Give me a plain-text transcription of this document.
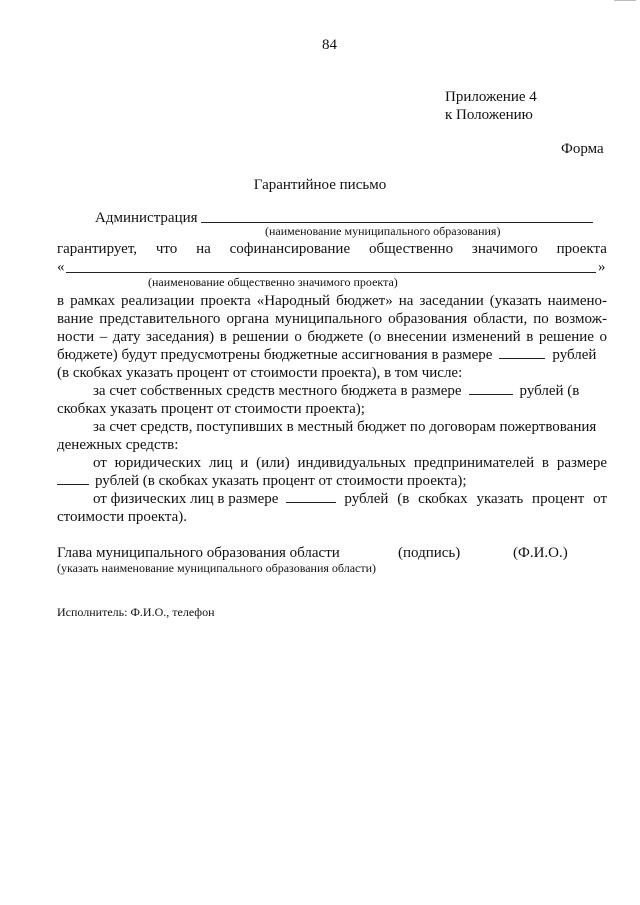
84
Приложение 4
к Положению
Форма
Гарантийное письмо
Администрация
(наименование муниципального образования)
гарантирует, что на софинансирование общественно значимого проекта
«	»
(наименование общественно значимого проекта)
в рамках реализации проекта «Народный бюджет» на заседании (указать наимено-
вание представительного органа муниципального образования области, по возмож-
ности – дату заседания) в решении о бюджете (о внесении изменений в решение о
бюджете) будут предусмотрены бюджетные ассигнования в размере	рублей
(в скобках указать процент от стоимости проекта), в том числе:
за счет собственных средств местного бюджета в размере	рублей (в
скобках указать процент от стоимости проекта);
за счет средств, поступивших в местный бюджет по договорам пожертвования
денежных средств:
от юридических лиц и (или) индивидуальных предпринимателей в размере
рублей (в скобках указать процент от стоимости проекта);
от физических лиц в размере	рублей (в скобках указать процент от
стоимости проекта).
Глава муниципального образования области	(подпись)	(Ф.И.О.)
(указать наименование муниципального образования области)
Исполнитель: Ф.И.О., телефон
